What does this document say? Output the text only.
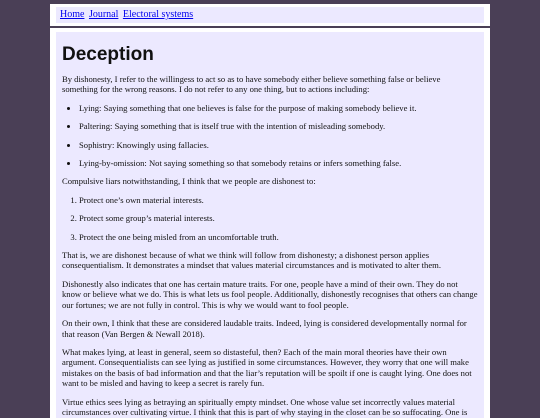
Home Journal Electoral systems
Deception

By dishonesty, I refer to the willingess to act so as to have somebody either believe something false or believe something for the wrong reasons. I do not refer to any one thing, but to actions including:

• Lying: Saying something that one believes is false for the purpose of making somebody believe it.
• Paltering: Saying something that is itself true with the intention of misleading somebody.
• Sophistry: Knowingly using fallacies.
• Lying-by-omission: Not saying something so that somebody retains or infers something false.

Compulsive liars notwithstanding, I think that we people are dishonest to:

1. Protect one’s own material interests.
2. Protect some group’s material interests.
3. Protect the one being misled from an uncomfortable truth.

That is, we are dishonest because of what we think will follow from dishonesty; a dishonest person applies consequentialism. It demonstrates a mindset that values material circumstances and is motivated to alter them.

Dishonestly also indicates that one has certain mature traits. For one, people have a mind of their own. They do not know or believe what we do. This is what lets us fool people. Additionally, dishonestly recognises that others can change our fortunes; we are not fully in control. This is why we would want to fool people.

On their own, I think that these are considered laudable traits. Indeed, lying is considered developmentally normal for that reason (Van Bergen & Newall 2018).

What makes lying, at least in general, seem so distasteful, then? Each of the main moral theories have their own argument. Consequentialists can see lying as justified in some circumstances. However, they worry that one will make mistakes on the basis of bad information and that the liar’s reputation will be spoilt if one is caught lying. One does not want to be misled and having to keep a secret is rarely fun.

Virtue ethics sees lying as betraying an spiritually empty mindset. One whose value set incorrectly values material circumstances over cultivating virtue. I think that this is part of why staying in the closet can be so suffocating. One is
